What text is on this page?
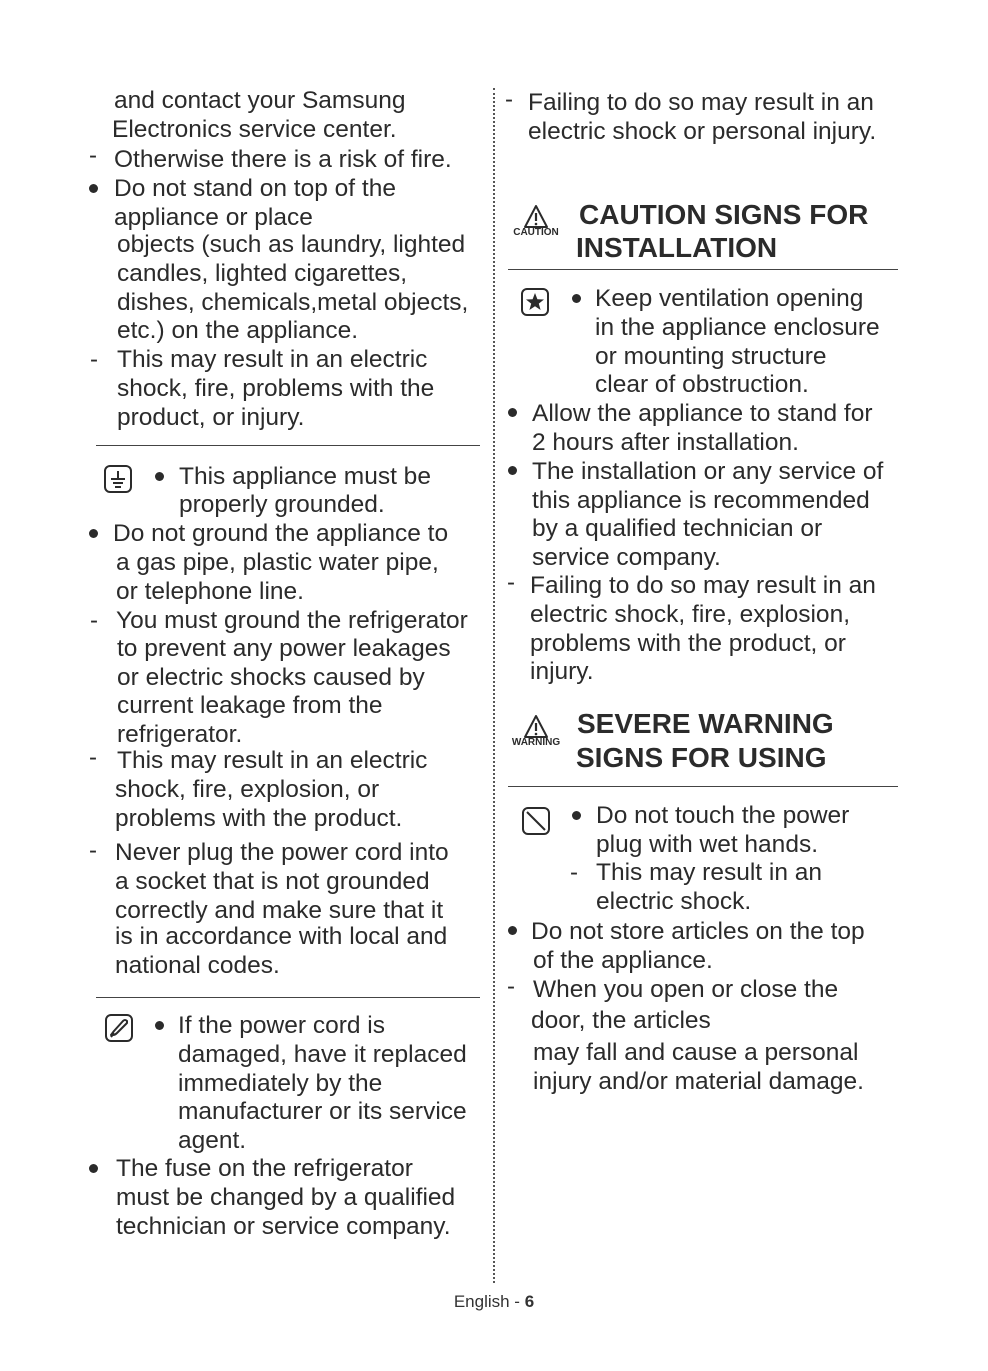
and contact your Samsung
Electronics service center.
- Otherwise there is a risk of fire.
Do not stand on top of the
appliance or place
objects (such as laundry, lighted
candles, lighted cigarettes,
dishes, chemicals,metal objects,
etc.) on the appliance.
- This may result in an electric
shock, fire, problems with the
product, or injury.
This appliance must be
properly grounded.
Do not ground the appliance to
a gas pipe, plastic water pipe,
or telephone line.
- You must ground the refrigerator
to prevent any power leakages
or electric shocks caused by
current leakage from the
refrigerator.
- This may result in an electric
shock, fire, explosion, or
problems with the product.
- Never plug the power cord into
a socket that is not grounded
correctly and make sure that it
is in accordance with local and
national codes.
If the power cord is
damaged, have it replaced
immediately by the
manufacturer or its service
agent.
The fuse on the refrigerator
must be changed by a qualified
technician or service company.
- Failing to do so may result in an
electric shock or personal injury.
CAUTION
CAUTION SIGNS FOR
INSTALLATION
Keep ventilation opening
in the appliance enclosure
or mounting structure
clear of obstruction.
Allow the appliance to stand for
2 hours after installation.
The installation or any service of
this appliance is recommended
by a qualified technician or
service company.
- Failing to do so may result in an
electric shock, fire, explosion,
problems with the product, or
injury.
WARNING
SEVERE WARNING
SIGNS FOR USING
Do not touch the power
plug with wet hands.
- This may result in an
electric shock.
Do not store articles on the top
of the appliance.
- When you open or close the
door, the articles
may fall and cause a personal
injury and/or material damage.
English - 6
